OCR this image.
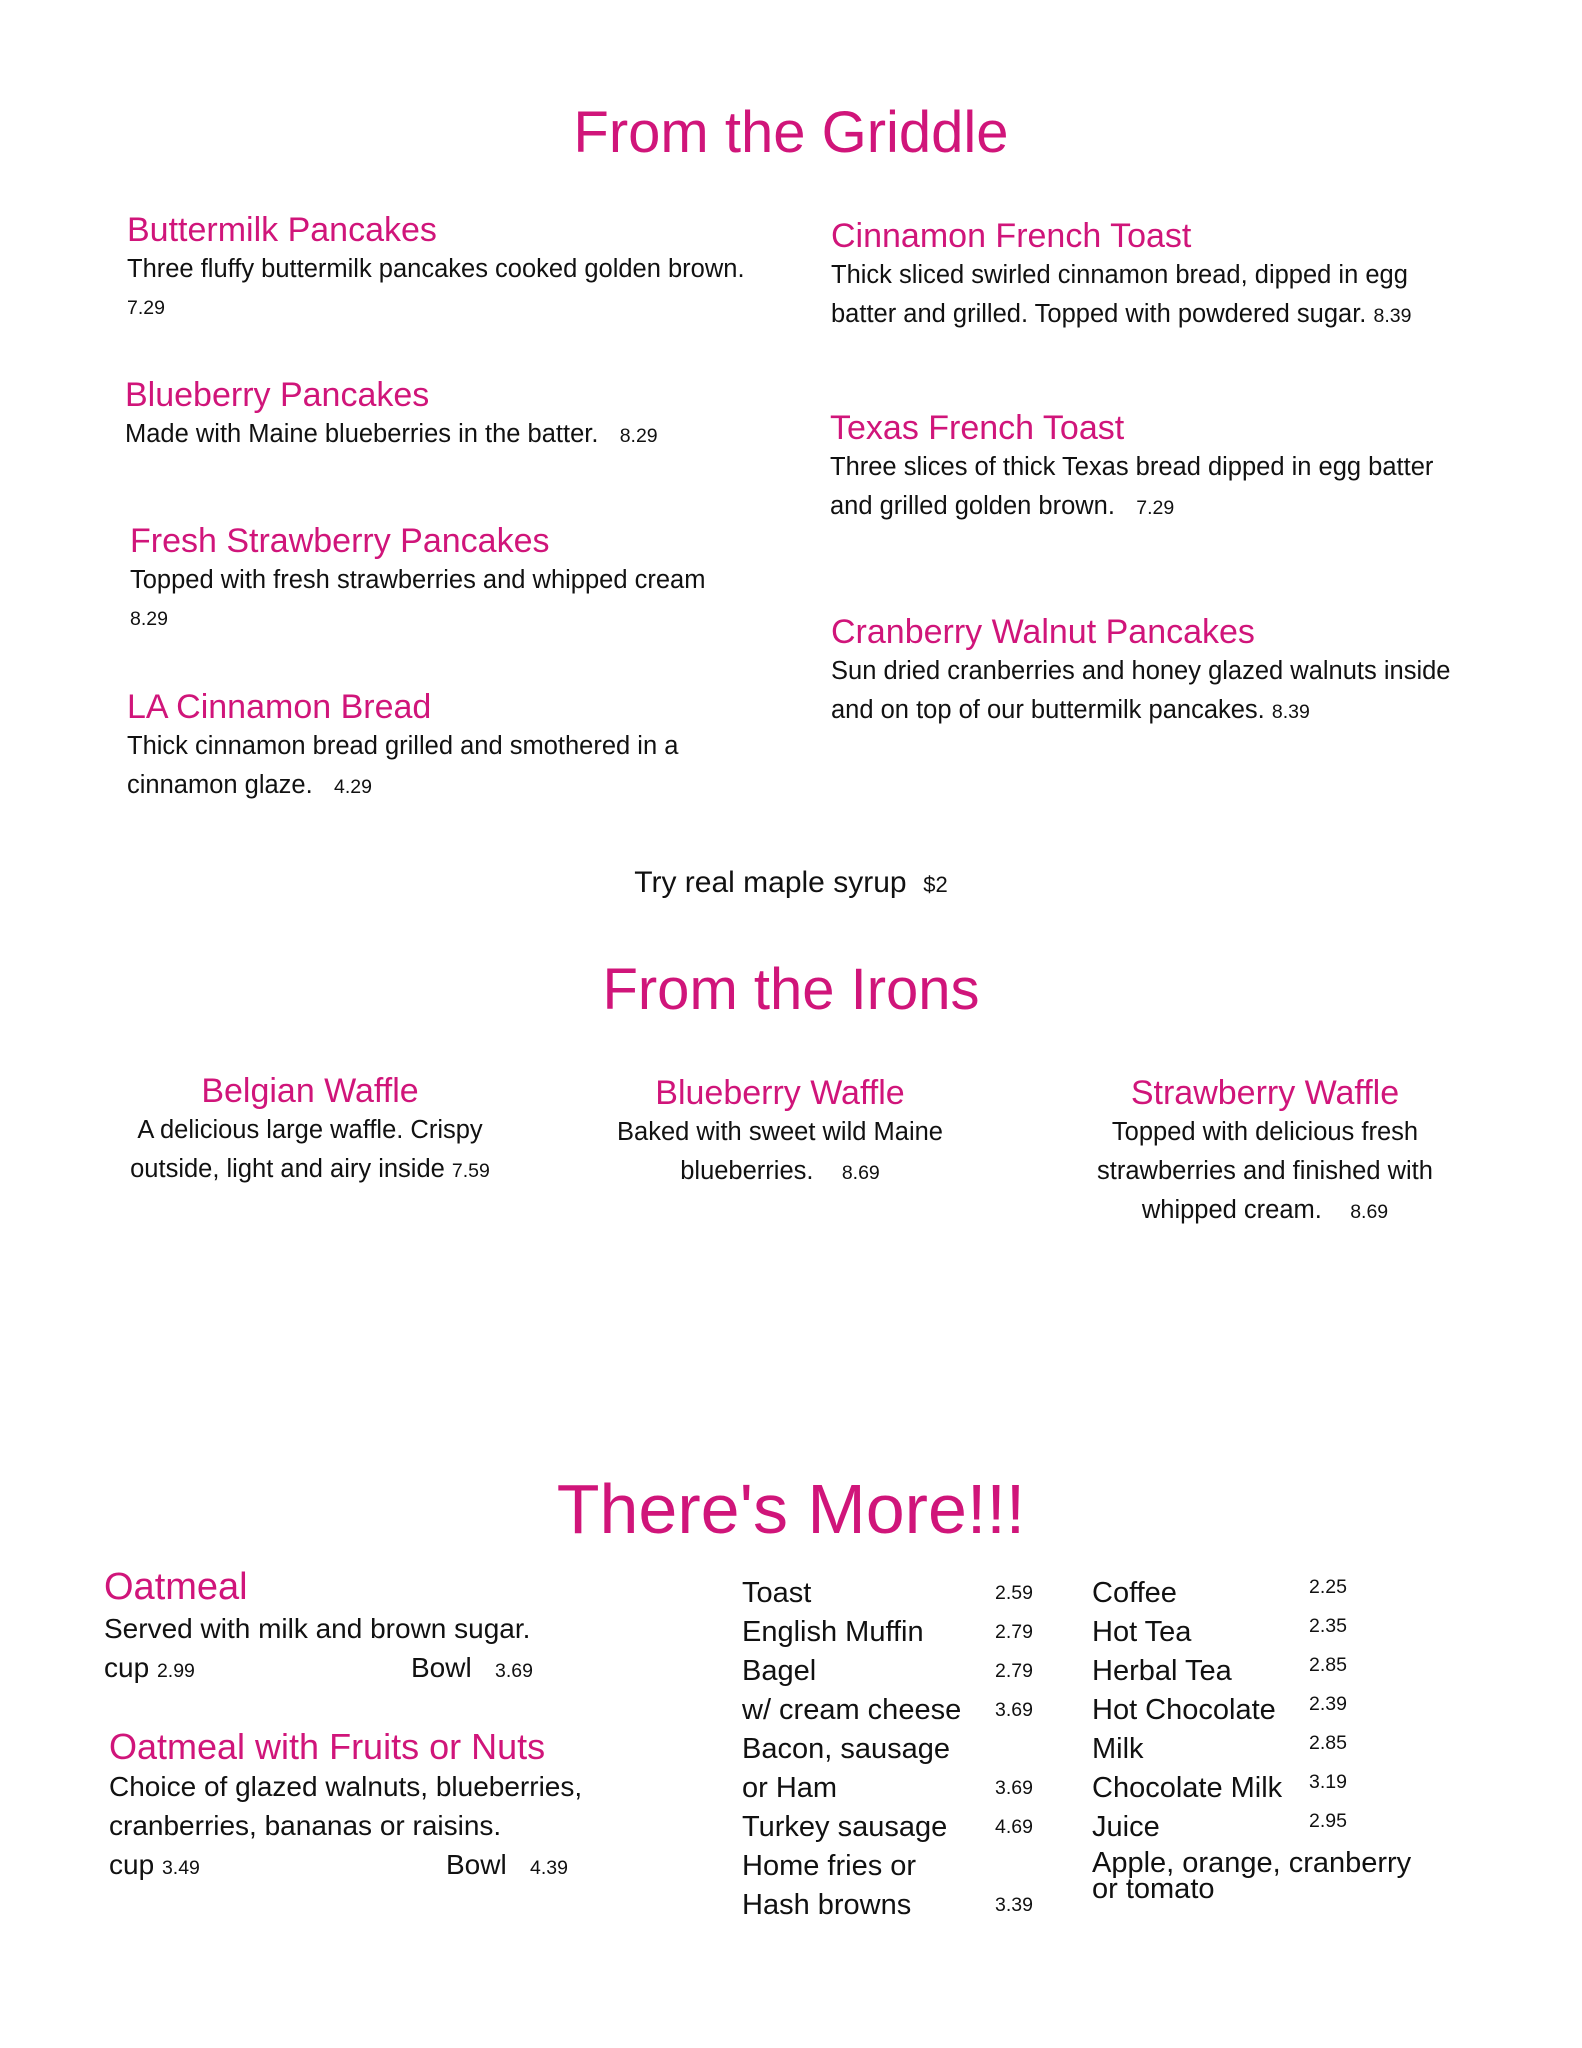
From the Griddle
Buttermilk Pancakes
Three fluffy buttermilk pancakes cooked golden brown.
7.29
Blueberry Pancakes
Made with Maine blueberries in the batter. 8.29
Fresh Strawberry Pancakes
Topped with fresh strawberries and whipped cream
8.29
LA Cinnamon Bread
Thick cinnamon bread grilled and smothered in a
cinnamon glaze. 4.29
Cinnamon French Toast
Thick sliced swirled cinnamon bread, dipped in egg
batter and grilled. Topped with powdered sugar. 8.39
Texas French Toast
Three slices of thick Texas bread dipped in egg batter
and grilled golden brown. 7.29
Cranberry Walnut Pancakes
Sun dried cranberries and honey glazed walnuts inside
and on top of our buttermilk pancakes. 8.39
Try real maple syrup $2
From the Irons
Belgian Waffle
A delicious large waffle. Crispy
outside, light and airy inside 7.59
Blueberry Waffle
Baked with sweet wild Maine
blueberries. 8.69
Strawberry Waffle
Topped with delicious fresh
strawberries and finished with
whipped cream. 8.69
There's More!!!
Oatmeal
Served with milk and brown sugar.
cup 2.99	Bowl 3.69
Oatmeal with Fruits or Nuts
Choice of glazed walnuts, blueberries,
cranberries, bananas or raisins.
cup 3.49	Bowl 4.39
Toast	2.59
English Muffin	2.79
Bagel	2.79
w/ cream cheese 3.69
Bacon, sausage
or Ham	3.69
Turkey sausage 4.69
Home fries or
Hash browns	3.39
Coffee	2.25
Hot Tea	2.35
Herbal Tea	2.85
Hot Chocolate 2.39
Milk	2.85
Chocolate Milk 3.19
Juice	2.95
Apple, orange, cranberry
or tomato
